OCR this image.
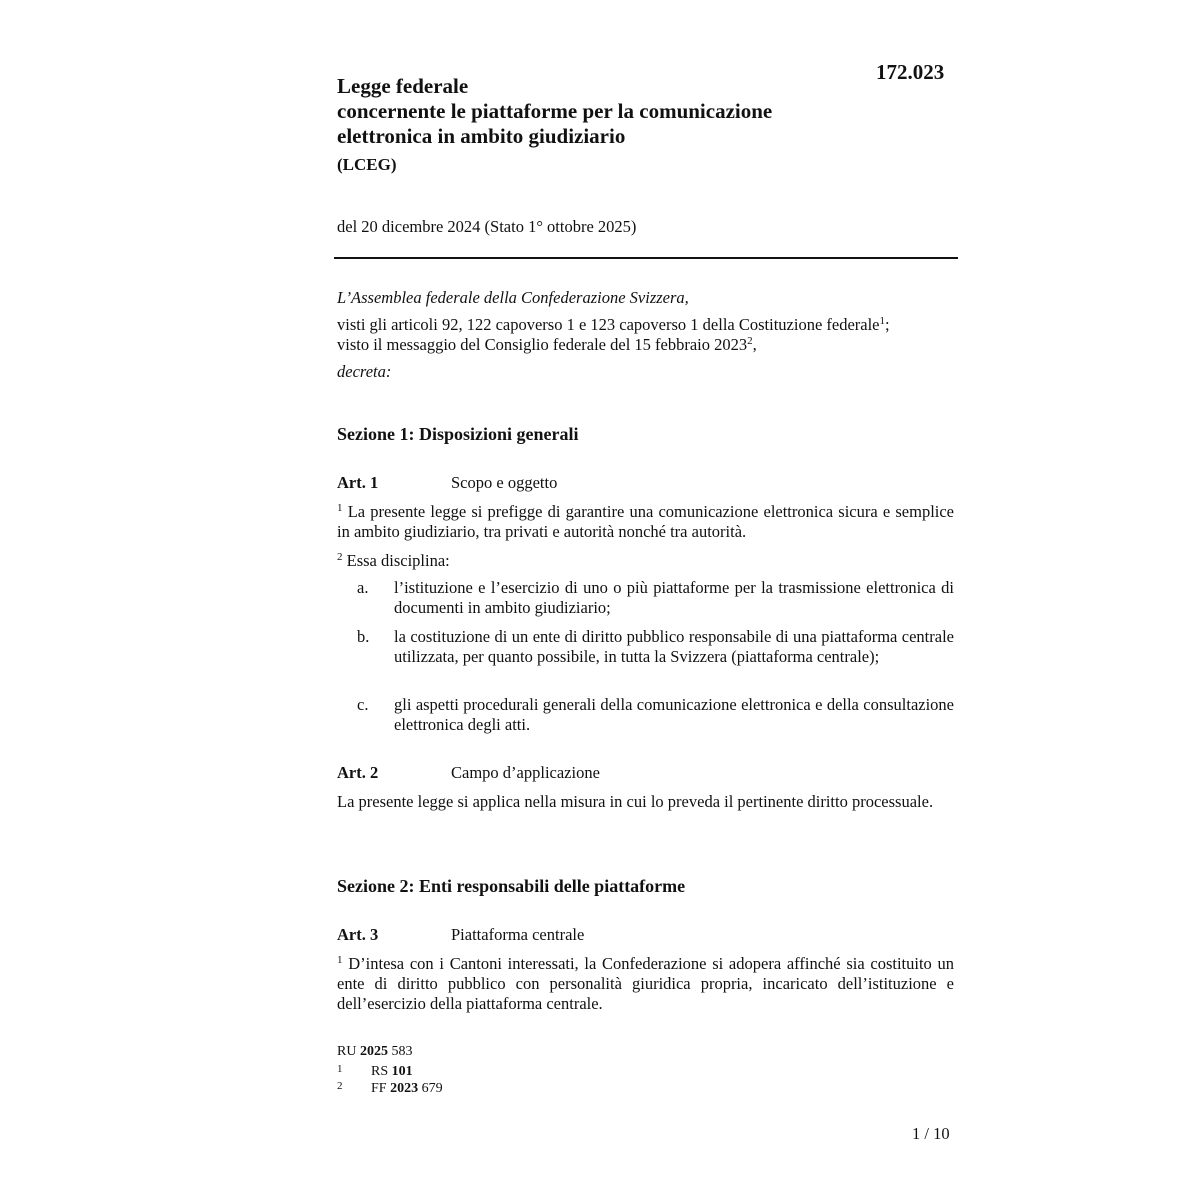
172.023
Legge federale
concernente le piattaforme per la comunicazione
elettronica in ambito giudiziario
(LCEG)
del 20 dicembre 2024 (Stato 1° ottobre 2025)
L’Assemblea federale della Confederazione Svizzera,
visti gli articoli 92, 122 capoverso 1 e 123 capoverso 1 della Costituzione federale$^1$;
visto il messaggio del Consiglio federale del 15 febbraio 2023$^2$,
decreta:
Sezione 1: Disposizioni generali
Art. 1	Scopo e oggetto
$^1$ La presente legge si prefigge di garantire una comunicazione elettronica sicura e semplice in ambito giudiziario, tra privati e autorità nonché tra autorità.
$^2$ Essa disciplina:
a.	l’istituzione e l’esercizio di uno o più piattaforme per la trasmissione elettronica di documenti in ambito giudiziario;
b.	la costituzione di un ente di diritto pubblico responsabile di una piattaforma centrale utilizzata, per quanto possibile, in tutta la Svizzera (piattaforma centrale);
c.	gli aspetti procedurali generali della comunicazione elettronica e della consultazione elettronica degli atti.
Art. 2	Campo d’applicazione
La presente legge si applica nella misura in cui lo preveda il pertinente diritto processuale.
Sezione 2: Enti responsabili delle piattaforme
Art. 3	Piattaforma centrale
$^1$ D’intesa con i Cantoni interessati, la Confederazione si adopera affinché sia costituito un ente di diritto pubblico con personalità giuridica propria, incaricato dell’istituzione e dell’esercizio della piattaforma centrale.
RU 2025 583
1 RS 101
2 FF 2023 679
1 / 10
